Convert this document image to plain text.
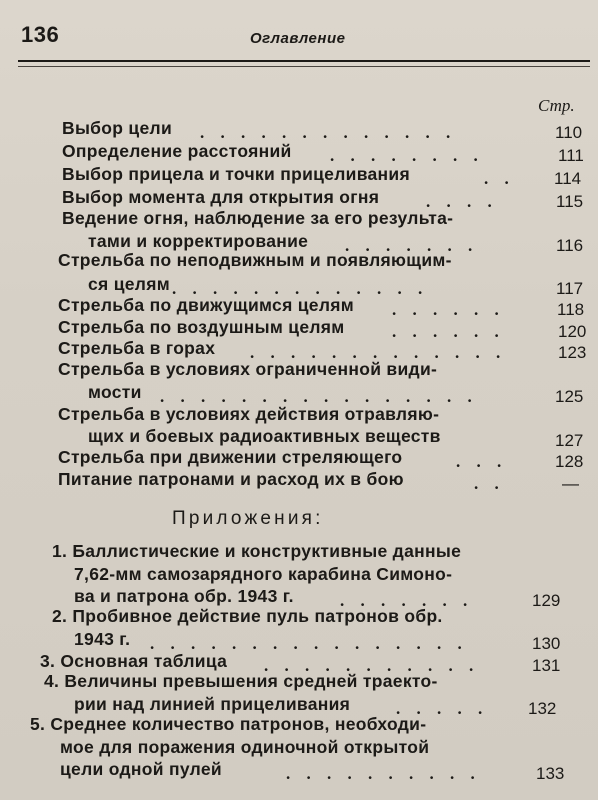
136	Оглавление
Стр.
Выбор цели . . . . . . . . . . . . .	110
Определение расстояний . . . . . . . .	111
Выбор прицела и точки прицеливания	. . 114
Выбор момента для открытия огня	. . . .	115
Ведение огня, наблюдение за его результа-
тами и корректирование . . . . . . .	116
Стрельба по неподвижным и появляющим-
ся целям . . . . . . . . . . . . .	117
Стрельба по движущимся целям . . . . . .	118
Стрельба по воздушным целям	. . . . . .	120
Стрельба в горах . . . . . . . . . . . . .	123
Стрельба в условиях ограниченной види-
мости . . . . . . . . . . . . . . . .	125
Стрельба в условиях действия отравляю-
щих и боевых радиоактивных веществ	127
Стрельба при движении стреляющего	. . .	128
Питание патронами и расход их в бою	. .	—
Приложения:
1. Баллистические и конструктивные данные
7,62-мм самозарядного карабина Симоно-
ва и патрона обр. 1943 г.	. . . . . . .	129
2. Пробивное действие пуль патронов обр.
1943 г. . . . . . . . . . . . . . . . .	130
3. Основная таблица . . . . . . . . . . .	131
4. Величины превышения средней траекто-
рии над линией прицеливания	. . . . . 132
5. Среднее количество патронов, необходи-
мое для поражения одиночной открытой
цели одной пулей	. . . . . . . . . .	133
